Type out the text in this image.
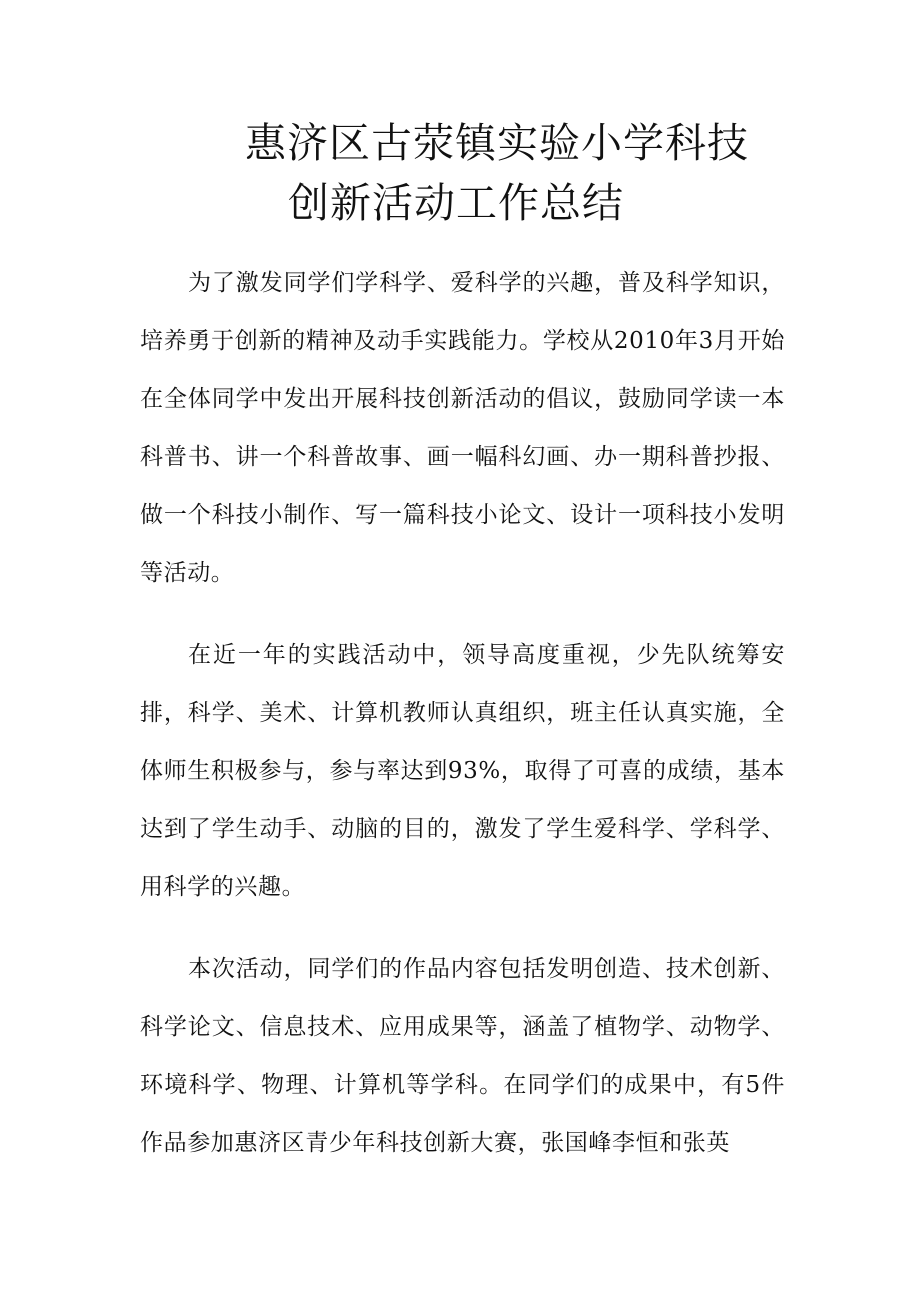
惠济区古荥镇实验小学科技
创新活动工作总结

为了激发同学们学科学、爱科学的兴趣，普及科学知识，培养勇于创新的精神及动手实践能力。学校从2010年3月开始在全体同学中发出开展科技创新活动的倡议，鼓励同学读一本科普书、讲一个科普故事、画一幅科幻画、办一期科普抄报、做一个科技小制作、写一篇科技小论文、设计一项科技小发明等活动。

在近一年的实践活动中，领导高度重视，少先队统筹安排，科学、美术、计算机教师认真组织，班主任认真实施，全体师生积极参与，参与率达到93%，取得了可喜的成绩，基本达到了学生动手、动脑的目的，激发了学生爱科学、学科学、用科学的兴趣。

本次活动，同学们的作品内容包括发明创造、技术创新、科学论文、信息技术、应用成果等，涵盖了植物学、动物学、环境科学、物理、计算机等学科。在同学们的成果中，有5件作品参加惠济区青少年科技创新大赛，张国峰李恒和张英
